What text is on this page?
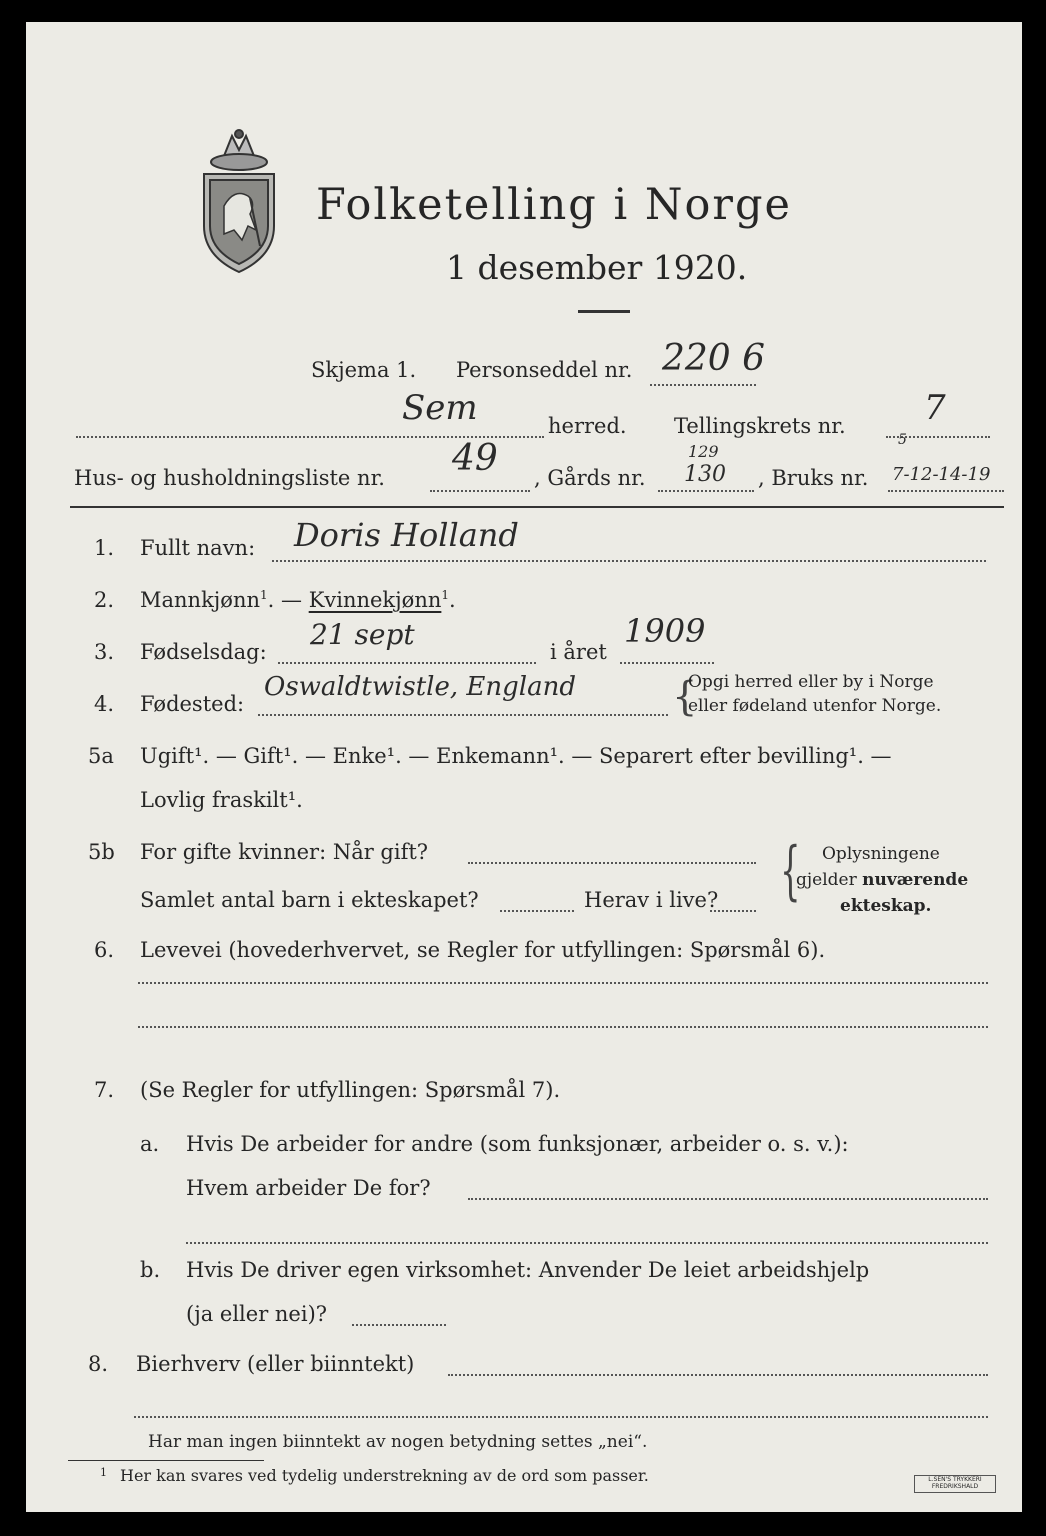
Folketelling i Norge
1 desember 1920.
Skjema 1. Personseddel nr. 220 6
Sem	herred. Tellingskrets nr. 7
5
Hus- og husholdningsliste nr. 49 , Gårds nr.
129
130 , Bruks nr. 7-12-14-19
1. Fullt navn: Doris Holland
2. Mannkjønn$^1$. — Kvinnekjønn$^1$.
3. Fødselsdag:
21 sept
i året
1909
4. Fødested:
Oswaldtwistle, England {
Opgi herred eller by i Norge
eller fødeland utenfor Norge.
5a Ugift¹. — Gift¹. — Enke¹. — Enkemann¹. — Separert efter bevilling¹. —
Lovlig fraskilt¹.
5b For gifte kvinner: Når gift?
Samlet antal barn i ekteskapet?	Herav i live? { Oplysningene
gjelder nuværende
ekteskap.
6. Levevei (hovederhvervet, se Regler for utfyllingen: Spørsmål 6).
7. (Se Regler for utfyllingen: Spørsmål 7).
a. Hvis De arbeider for andre (som funksjonær, arbeider o. s. v.):
Hvem arbeider De for?
b. Hvis De driver egen virksomhet: Anvender De leiet arbeidshjelp
(ja eller nei)?
8. Bierhverv (eller biinntekt)
Har man ingen biinntekt av nogen betydning settes „nei“.
1 Her kan svares ved tydelig understrekning av de ord som passer.	L.SEN'S TRYKKERI
FREDRIKSHALD
